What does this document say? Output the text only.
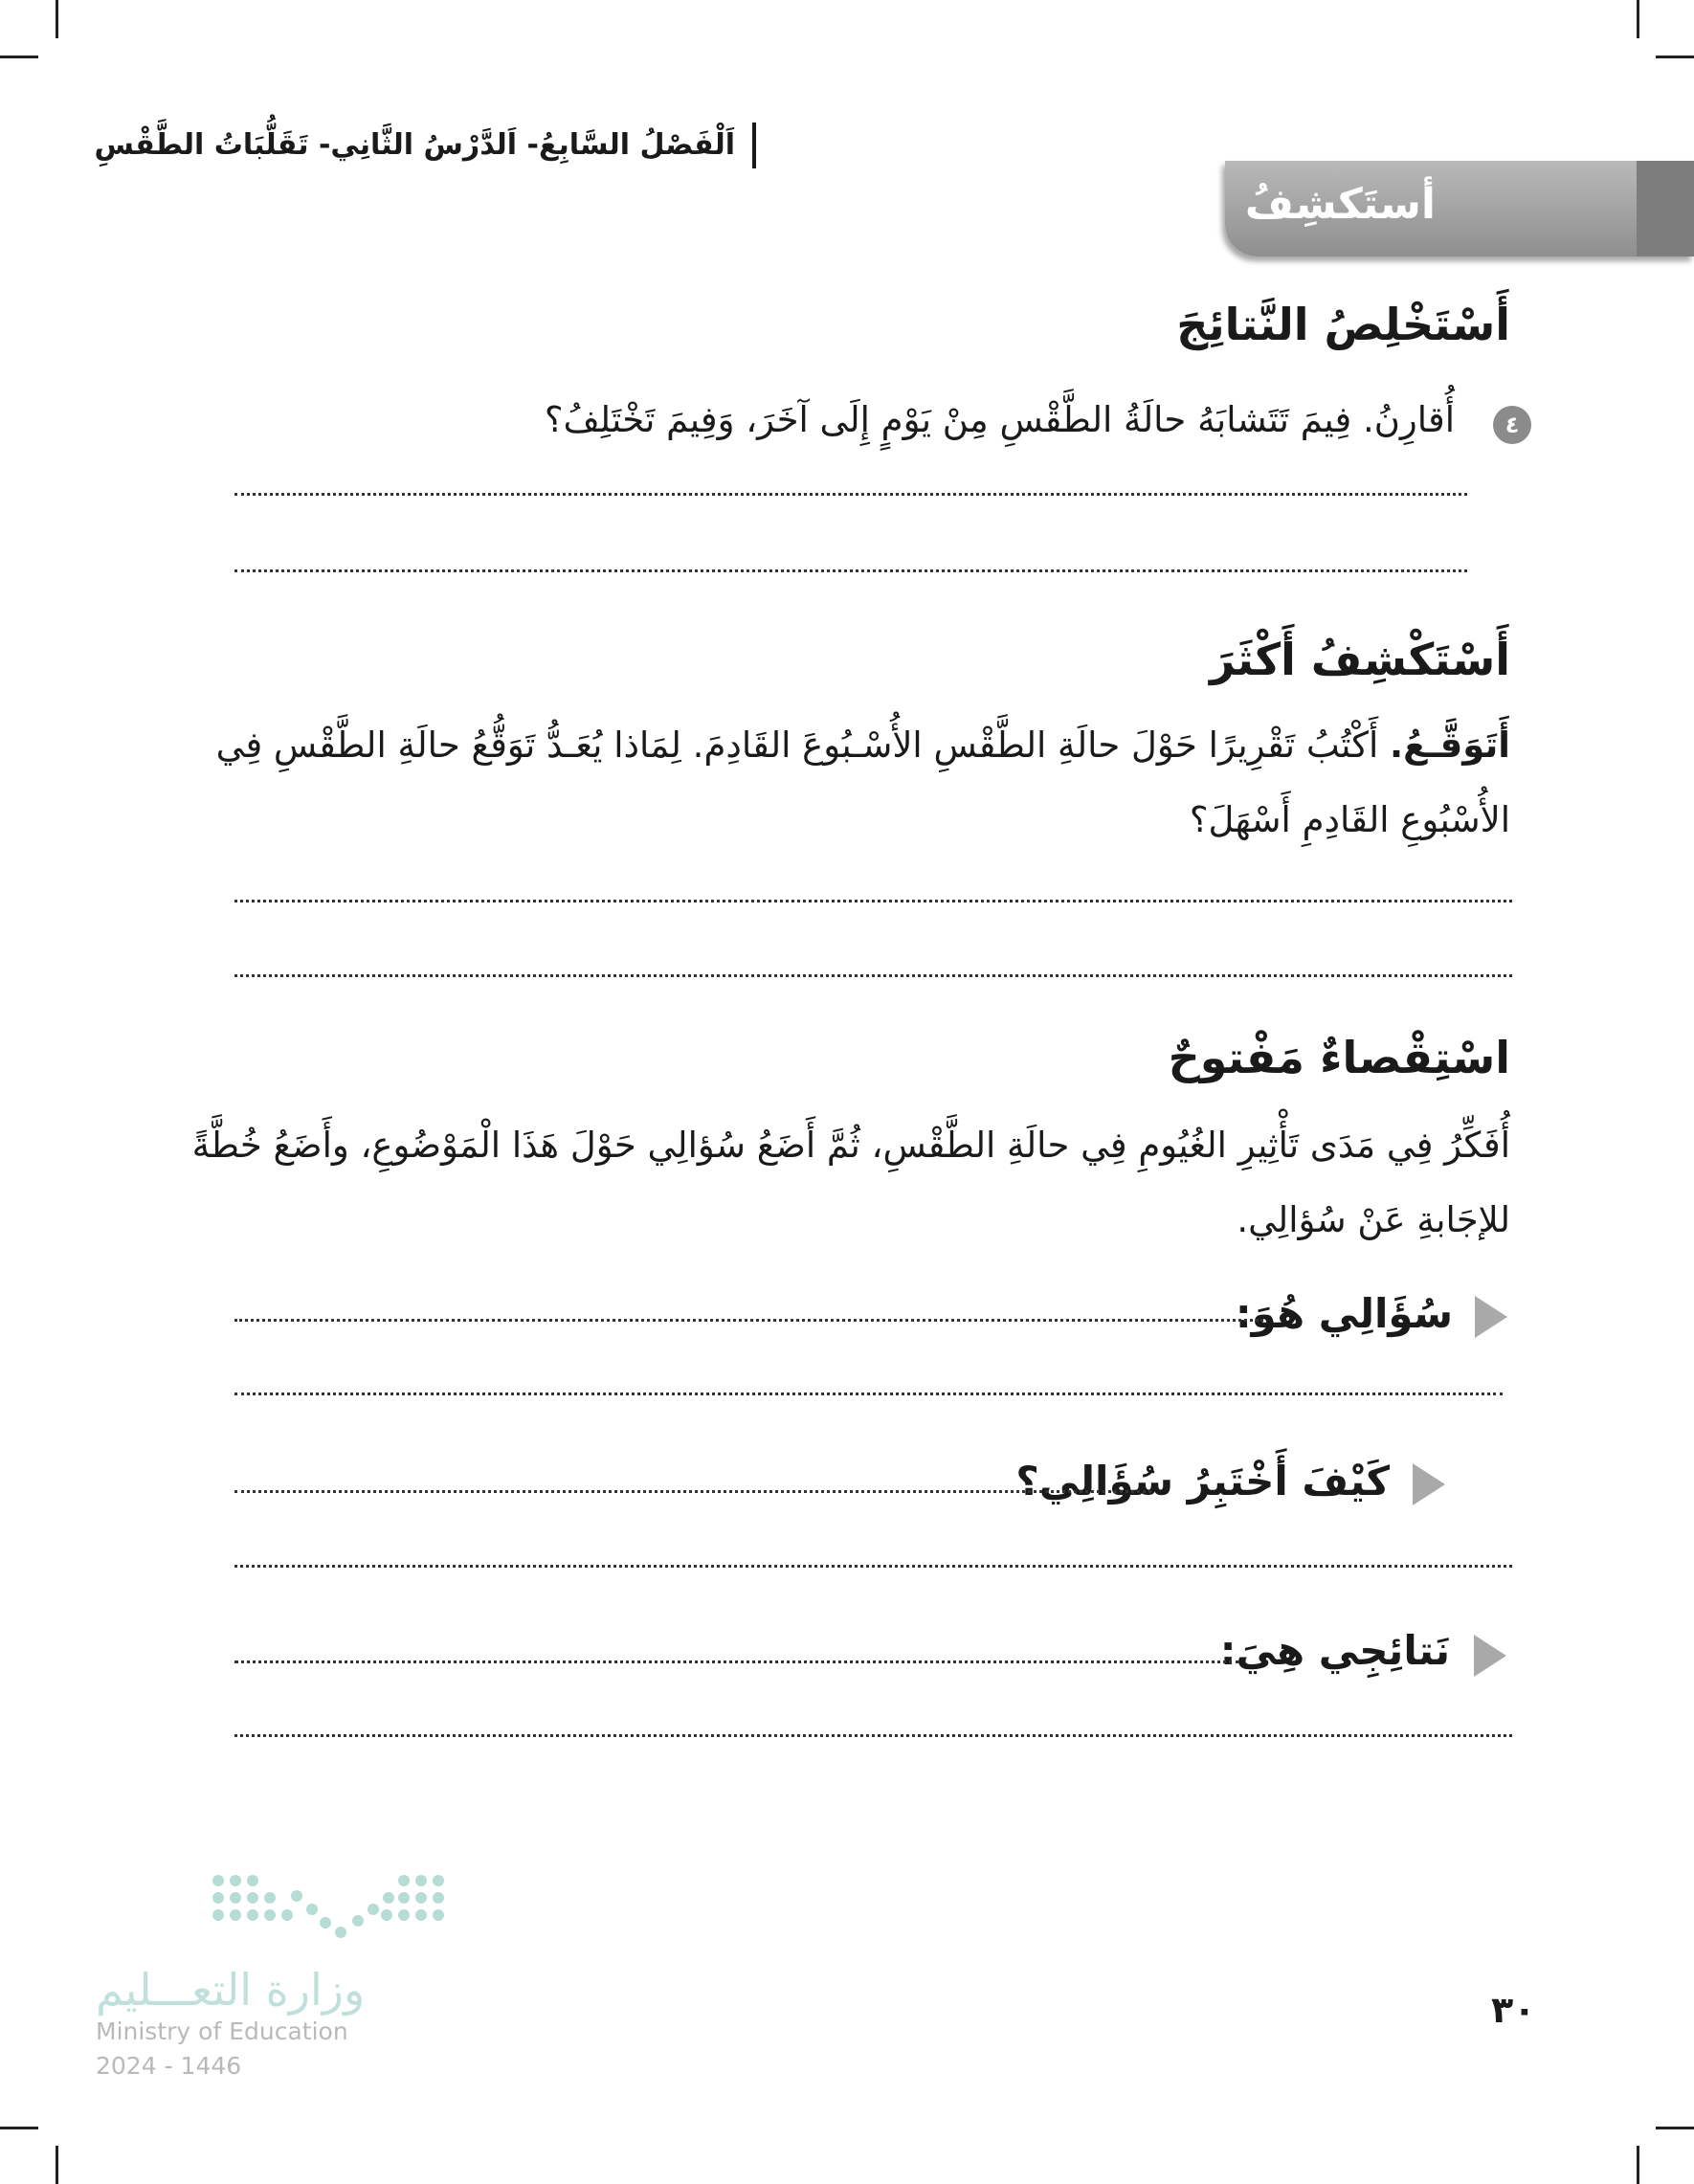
اَلْفَصْلُ السَّابِعُ- اَلدَّرْسُ الثَّانِي- تَقَلُّبَاتُ الطَّقْسِ
أستَكشِفُ
أَسْتَخْلِصُ النَّتائِجَ
٤
أُقارِنُ. فِيمَ تَتَشابَهُ حالَةُ الطَّقْسِ مِنْ يَوْمٍ إِلَى آخَرَ، وَفِيمَ تَخْتَلِفُ؟
أَسْتَكْشِفُ أَكْثَرَ
أَتَوَقَّـعُ. أَكْتُبُ تَقْرِيرًا حَوْلَ حالَةِ الطَّقْسِ الأُسْـبُوعَ القَادِمَ. لِمَاذا يُعَـدُّ تَوَقُّعُ حالَةِ الطَّقْسِ فِي
الأُسْبُوعِ القَادِمِ أَسْهَلَ؟
اسْتِقْصاءٌ مَفْتوحٌ
أُفَكِّرُ فِي مَدَى تَأْثِيرِ الغُيُومِ فِي حالَةِ الطَّقْسِ، ثُمَّ أَضَعُ سُؤالِي حَوْلَ هَذَا الْمَوْضُوعِ، وأَضَعُ خُطَّةً
للإجَابةِ عَنْ سُؤالِي.
سُؤَالِي هُوَ:
كَيْفَ أَخْتَبِرُ سُؤَالِي؟
نَتائِجِي هِيَ:
وزارة التعـــليم
Ministry of Education
2024 - 1446
٣٠
